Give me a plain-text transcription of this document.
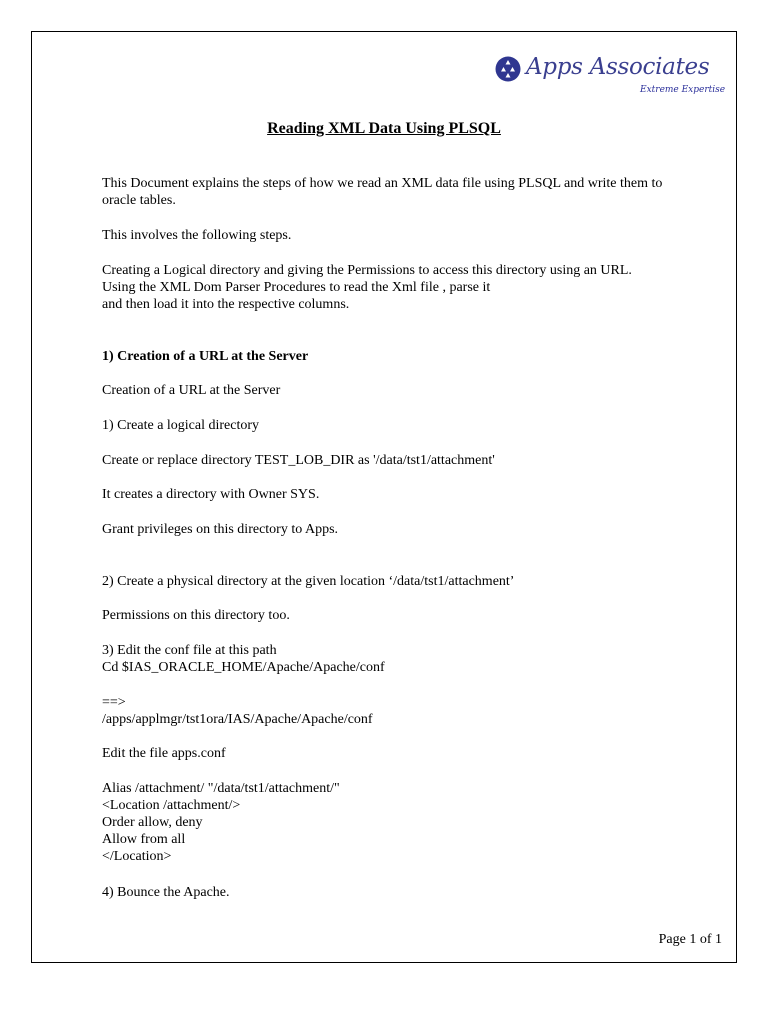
Apps Associates
Extreme Expertise
Reading XML Data Using PLSQL

This Document explains the steps of how we read an XML data file using PLSQL and write them to
oracle tables.

This involves the following steps.

Creating a Logical directory and giving the Permissions to access this directory using an URL.
Using the XML Dom Parser Procedures to read the Xml file , parse it
and then load it into the respective columns.

1) Creation of a URL at the Server

Creation of a URL at the Server

1) Create a logical directory

Create or replace directory TEST_LOB_DIR as '/data/tst1/attachment'

It creates a directory with Owner SYS.

Grant privileges on this directory to Apps.

2) Create a physical directory at the given location ‘/data/tst1/attachment’

Permissions on this directory too.

3) Edit the conf file at this path
Cd $IAS_ORACLE_HOME/Apache/Apache/conf

==>
/apps/applmgr/tst1ora/IAS/Apache/Apache/conf

Edit the file apps.conf

Alias /attachment/ "/data/tst1/attachment/"
<Location /attachment/>
Order allow, deny
Allow from all
</Location>

4) Bounce the Apache.

Page 1 of 1
